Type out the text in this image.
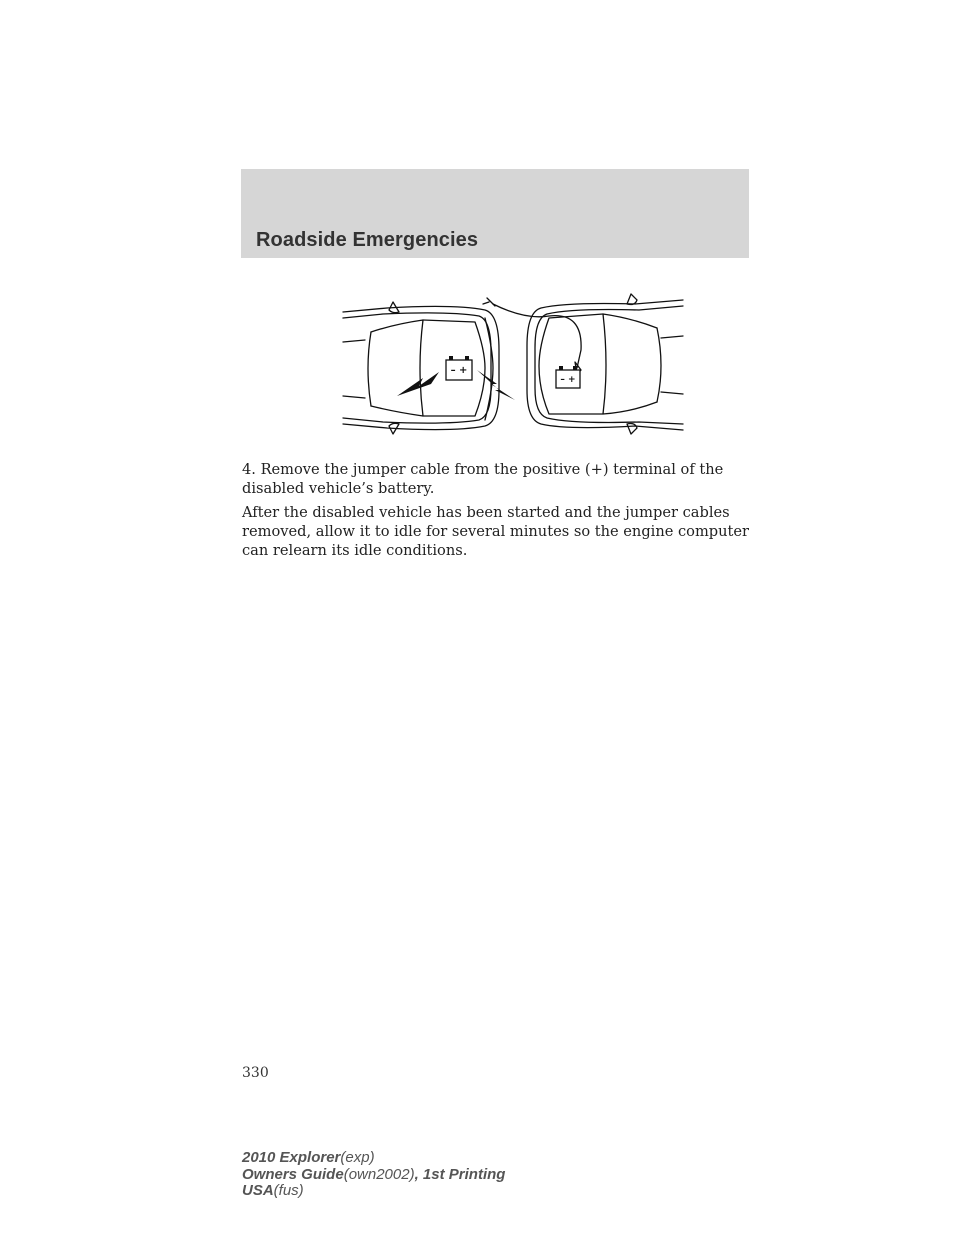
Roadside Emergencies
– +
– +
4. Remove the jumper cable from the positive (+) terminal of the disabled vehicle’s battery.
After the disabled vehicle has been started and the jumper cables removed, allow it to idle for several minutes so the engine computer can relearn its idle conditions.
330
2010 Explorer(exp)
Owners Guide(own2002), 1st Printing
USA(fus)
